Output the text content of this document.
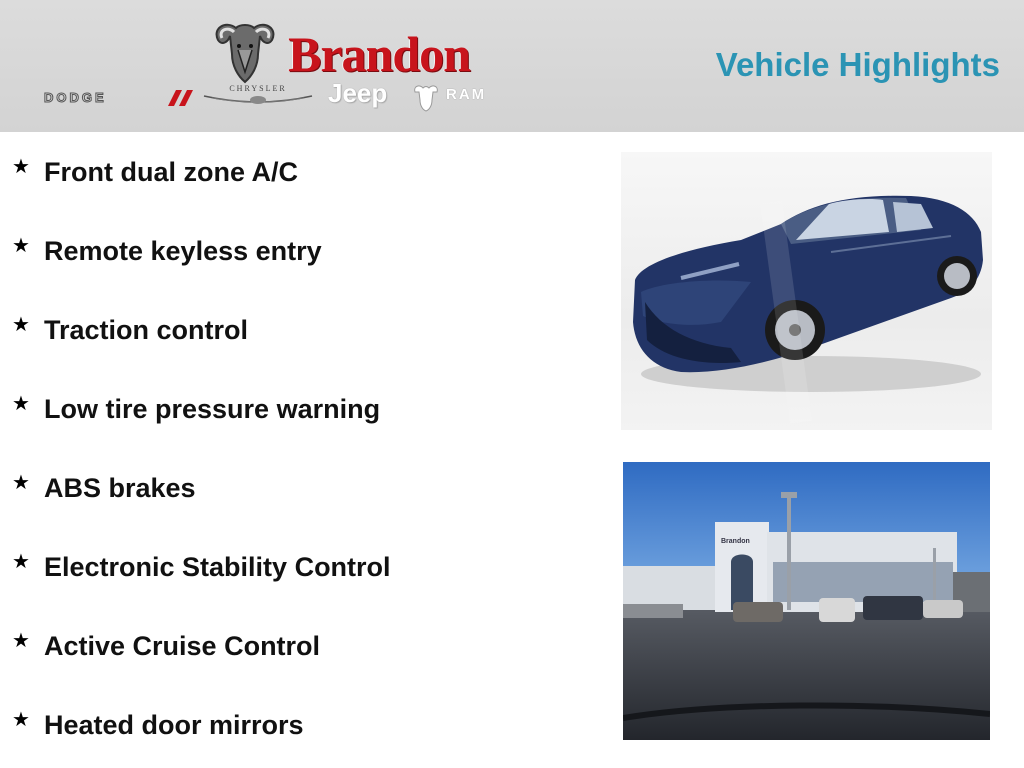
Brandon
DODGE
CHRYSLER	Jeep	RAM
Vehicle Highlights
★ Front dual zone A/C
★ Remote keyless entry
★ Traction control
★ Low tire pressure warning
★ ABS brakes
★ Electronic Stability Control
★ Active Cruise Control
★ Heated door mirrors
Brandon
